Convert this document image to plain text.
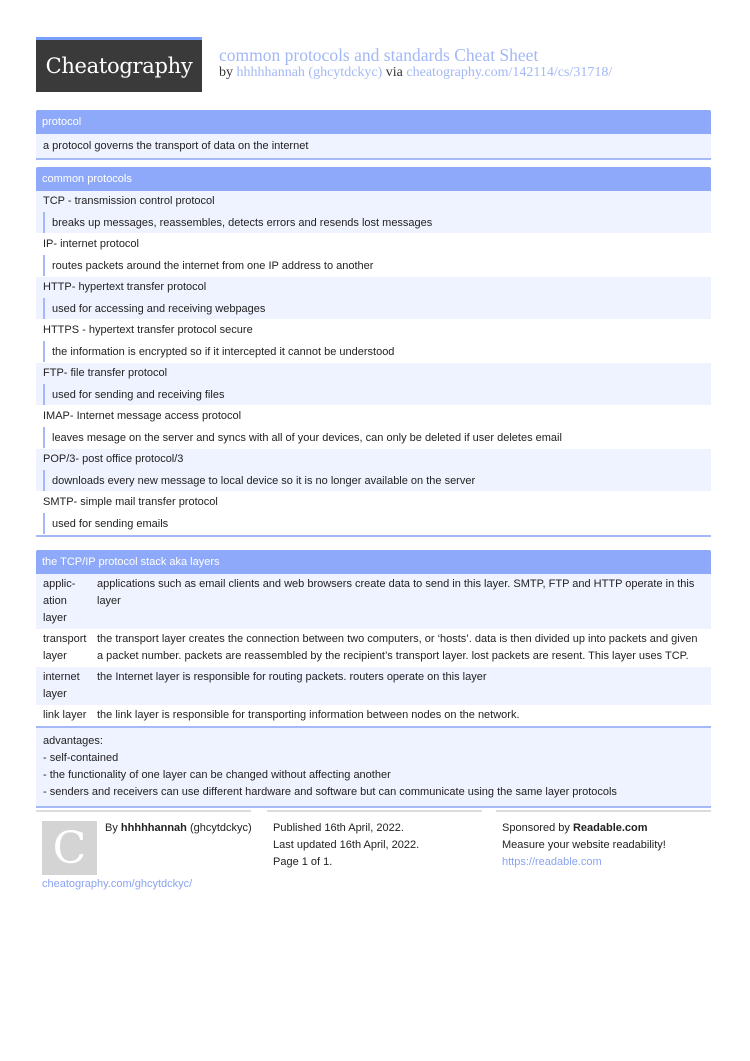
Cheatography common protocols and standards Cheat Sheet
by hhhhhannah (ghcytdckyc) via cheatography.com/142114/cs/31718/
protocol
a protocol governs the transport of data on the internet
common protocols
TCP - transmission control protocol
breaks up messages, reassembles, detects errors and resends lost messages
IP- internet protocol
routes packets around the internet from one IP address to another
HTTP- hypertext transfer protocol
used for accessing and receiving webpages
HTTPS - hypertext transfer protocol secure
the information is encrypted so if it intercepted it cannot be understood
FTP- file transfer protocol
used for sending and receiving files
IMAP- Internet message access protocol
leaves mesage on the server and syncs with all of your devices, can only be deleted if user deletes email
POP/3- post office protocol/3
downloads every new message to local device so it is no longer available on the server
SMTP- simple mail transfer protocol
used for sending emails
the TCP/IP protocol stack aka layers
applic-
ation
layer
applications such as email clients and web browsers create data to send in this layer. SMTP, FTP and HTTP operate in this layer
transport
layer
the transport layer creates the connection between two computers, or ‘hosts’. data is then divided up into packets and given a packet number. packets are reassembled by the recipient’s transport layer. lost packets are resent. This layer uses TCP.
internet
layer
the Internet layer is responsible for routing packets. routers operate on this layer
link layer the link layer is responsible for transporting information between nodes on the network.
advantages:
- self-contained
- the functionality of one layer can be changed without affecting another
- senders and receivers can use different hardware and software but can communicate using the same layer protocols
C By hhhhhannah (ghcytdckyc)
cheatography.com/ghcytdckyc/
Published 16th April, 2022.
Last updated 16th April, 2022.
Page 1 of 1.
Sponsored by Readable.com
Measure your website readability!
https://readable.com
